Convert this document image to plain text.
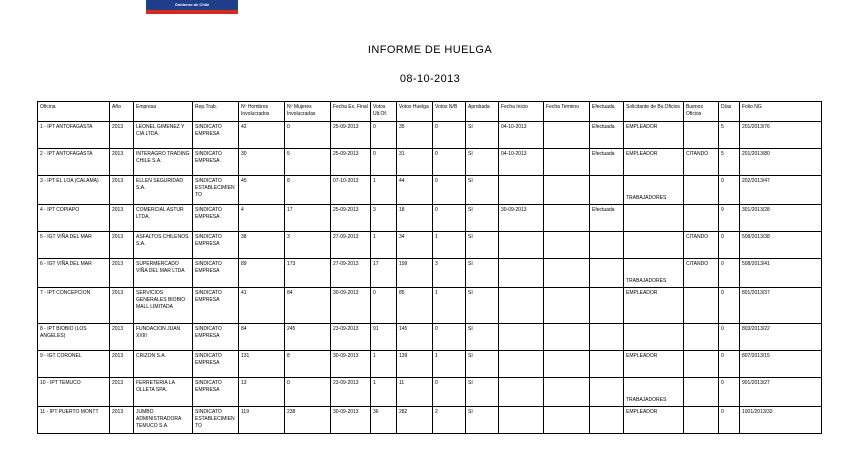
Gobierno de Chile
INFORME DE HUELGA
08-10-2013
Oficina	Año	Empresa	Rep.Trab.	Nº Hombres Involucrados	Nº Mujeres Involucradas	Fecha Ex. Final	Votos Ult.Of.	Votos Huelga	Votos N/B	Aprobada	Fecha Inicio	Fecha Termino	Efectuada	Solicitante de Bs.Oficios	Buenos Oficios	Días	Folio NG
1 - IPT ANTOFAGASTA	2013	LEONEL GIMENEZ Y CIA LTDA.	SINDICATO EMPRESA	42	0	25-09-2013	0	35	0	SI	04-10-2013		Efectuada	EMPLEADOR		5	201/2013/76
2 - IPT ANTOFAGASTA	2013	INTERAGRO TRADING CHILE S.A.	SINDICATO EMPRESA	30	5	25-09-2013	0	31	0	SI	04-10-2013		Efectuada	EMPLEADOR	CITANDO	5	201/2013/80
3 - IPT EL LOA (CALAMA)	2013	ELLEN SEGURIDAD S.A.	SINDICATO ESTABLECIMIENTO	45	8	07-10-2013	1	44	0	SI				TRABAJADORES		0	202/2013/47
4 - IPT COPIAPO	2013	COMERCIAL ASTUR LTDA.	SINDICATO EMPRESA	4	17	25-09-2013	3	18	0	SI	30-09-2013		Efectuada			9	301/2013/28
5 - IGT VIÑA DEL MAR	2013	ASFALTOS CHILENOS S.A.	SINDICATO EMPRESA	38	3	27-09-2013	1	34	1	SI					CITANDO	0	508/2013/38
6 - IGT VIÑA DEL MAR	2013	SUPERMERCADO VIÑA DEL MAR LTDA	SINDICATO EMPRESA	89	173	27-09-2013	17	199	3	SI				TRABAJADORES	CITANDO	0	508/2013/41
7 - IPT CONCEPCION	2013	SERVICIOS GENERALES BIOBIO MALL LIMITADA	SINDICATO EMPRESA	41	84	30-09-2013	0	85	1	SI				EMPLEADOR		0	801/2013/37
8 - IPT BIOBIO (LOS ANGELES)	2013	FUNDACION JUAN XXIII	SINDICATO EMPRESA	84	245	23-09-2013	91	145	0	SI						0	803/2013/22
9 - IGT CORONEL	2013	CRIZON S.A.	SINDICATO EMPRESA	131	8	30-09-2013	1	139	1	SI				EMPLEADOR		0	807/2013/15
10 - IPT TEMUCO	2013	FERRETERIA LA OLLETA SPA.	SINDICATO EMPRESA	13	0	23-09-2013	1	11	0	SI				TRABAJADORES		0	901/2013/27
11 - IPT PUERTO MONTT	2013	JUMBO ADMINISTRADORA TEMUCO S.A.	SINDICATO ESTABLECIMIENTO	119	238	30-09-2013	36	282	2	SI				EMPLEADOR		0	1001/2013/32
